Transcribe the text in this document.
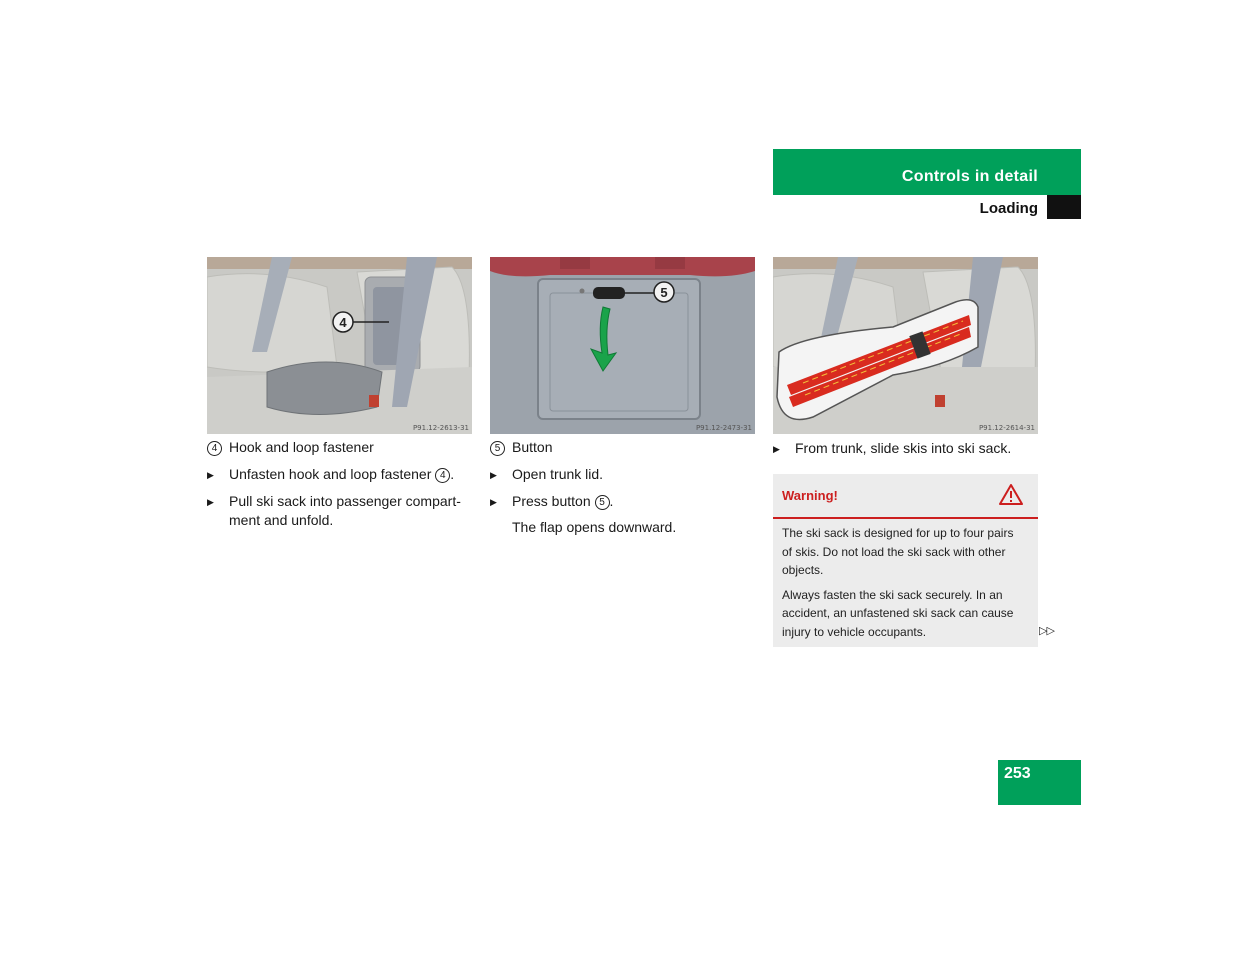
Controls in detail
Loading
4
P91.12-2613-31
5
P91.12-2473-31	P91.12-2614-31
4 Hook and loop fastener
▶ Unfasten hook and loop fastener 4 .
▶ Pull ski sack into passenger compart-
ment and unfold.
5 Button
▶ Open trunk lid.
▶ Press button 5 .
The flap opens downward.
▶ From trunk, slide skis into ski sack.
Warning!

The ski sack is designed for up to four pairs
of skis. Do not load the ski sack with other
objects.

Always fasten the ski sack securely. In an
accident, an unfastened ski sack can cause
injury to vehicle occupants.	▷▷
253
